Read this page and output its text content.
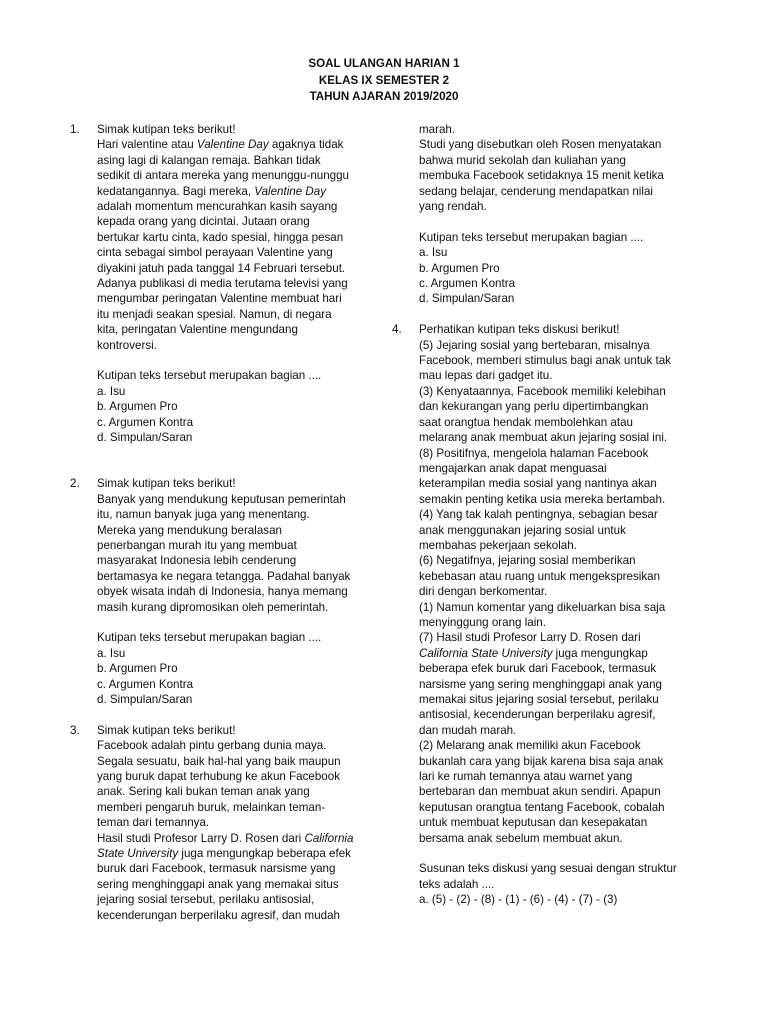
SOAL ULANGAN HARIAN 1
KELAS IX SEMESTER 2
TAHUN AJARAN 2019/2020
1. Simak kutipan teks berikut!
Hari valentine atau Valentine Day agaknya tidak
asing lagi di kalangan remaja. Bahkan tidak
sedikit di antara mereka yang menunggu-nunggu
kedatangannya. Bagi mereka, Valentine Day
adalah momentum mencurahkan kasih sayang
kepada orang yang dicintai. Jutaan orang
bertukar kartu cinta, kado spesial, hingga pesan
cinta sebagai simbol perayaan Valentine yang
diyakini jatuh pada tanggal 14 Februari tersebut.
Adanya publikasi di media terutama televisi yang
mengumbar peringatan Valentine membuat hari
itu menjadi seakan spesial. Namun, di negara
kita, peringatan Valentine mengundang
kontroversi.
Kutipan teks tersebut merupakan bagian ....
a. Isu
b. Argumen Pro
c. Argumen Kontra
d. Simpulan/Saran
2. Simak kutipan teks berikut!
Banyak yang mendukung keputusan pemerintah
itu, namun banyak juga yang menentang.
Mereka yang mendukung beralasan
penerbangan murah itu yang membuat
masyarakat Indonesia lebih cenderung
bertamasya ke negara tetangga. Padahal banyak
obyek wisata indah di Indonesia, hanya memang
masih kurang dipromosikan oleh pemerintah.
Kutipan teks tersebut merupakan bagian ....
a. Isu
b. Argumen Pro
c. Argumen Kontra
d. Simpulan/Saran
3. Simak kutipan teks berikut!
Facebook adalah pintu gerbang dunia maya.
Segala sesuatu, baik hal-hal yang baik maupun
yang buruk dapat terhubung ke akun Facebook
anak. Sering kali bukan teman anak yang
memberi pengaruh buruk, melainkan teman-
teman dari temannya.
Hasil studi Profesor Larry D. Rosen dari California
State University juga mengungkap beberapa efek
buruk dari Facebook, termasuk narsisme yang
sering menghinggapi anak yang memakai situs
jejaring sosial tersebut, perilaku antisosial,
kecenderungan berperilaku agresif, dan mudah
marah.
Studi yang disebutkan oleh Rosen menyatakan
bahwa murid sekolah dan kuliahan yang
membuka Facebook setidaknya 15 menit ketika
sedang belajar, cenderung mendapatkan nilai
yang rendah.
Kutipan teks tersebut merupakan bagian ....
a. Isu
b. Argumen Pro
c. Argumen Kontra
d. Simpulan/Saran
4. Perhatikan kutipan teks diskusi berikut!
(5) Jejaring sosial yang bertebaran, misalnya
Facebook, memberi stimulus bagi anak untuk tak
mau lepas dari gadget itu.
(3) Kenyataannya, Facebook memiliki kelebihan
dan kekurangan yang perlu dipertimbangkan
saat orangtua hendak membolehkan atau
melarang anak membuat akun jejaring sosial ini.
(8) Positifnya, mengelola halaman Facebook
mengajarkan anak dapat menguasai
keterampilan media sosial yang nantinya akan
semakin penting ketika usia mereka bertambah.
(4) Yang tak kalah pentingnya, sebagian besar
anak menggunakan jejaring sosial untuk
membahas pekerjaan sekolah.
(6) Negatifnya, jejaring sosial memberikan
kebebasan atau ruang untuk mengekspresikan
diri dengan berkomentar.
(1) Namun komentar yang dikeluarkan bisa saja
menyinggung orang lain.
(7) Hasil studi Profesor Larry D. Rosen dari
California State University juga mengungkap
beberapa efek buruk dari Facebook, termasuk
narsisme yang sering menghinggapi anak yang
memakai situs jejaring sosial tersebut, perilaku
antisosial, kecenderungan berperilaku agresif,
dan mudah marah.
(2) Melarang anak memiliki akun Facebook
bukanlah cara yang bijak karena bisa saja anak
lari ke rumah temannya atau warnet yang
bertebaran dan membuat akun sendiri. Apapun
keputusan orangtua tentang Facebook, cobalah
untuk membuat keputusan dan kesepakatan
bersama anak sebelum membuat akun.
Susunan teks diskusi yang sesuai dengan struktur
teks adalah ....
a. (5) - (2) - (8) - (1) - (6) - (4) - (7) - (3)
